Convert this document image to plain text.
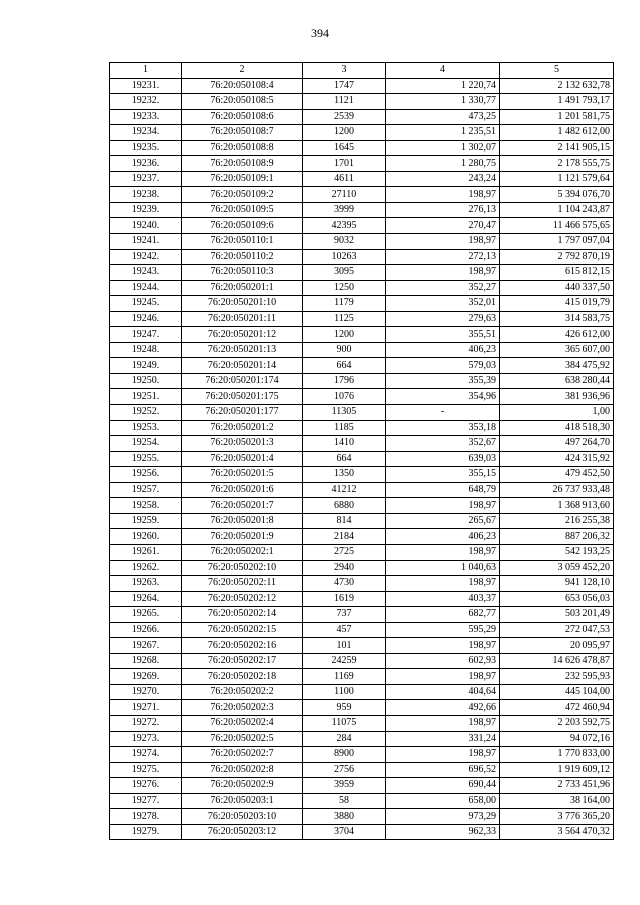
394
1	2	3	4	5
19231.	76:20:050108:4	1747	1 220,74	2 132 632,78
19232.	76:20:050108:5	1121	1 330,77	1 491 793,17
19233.	76:20:050108:6	2539	473,25	1 201 581,75
19234.	76:20:050108:7	1200	1 235,51	1 482 612,00
19235.	76:20:050108:8	1645	1 302,07	2 141 905,15
19236.	76:20:050108:9	1701	1 280,75	2 178 555,75
19237.	76:20:050109:1	4611	243,24	1 121 579,64
19238.	76:20:050109:2	27110	198,97	5 394 076,70
19239.	76:20:050109:5	3999	276,13	1 104 243,87
19240.	76:20:050109:6	42395	270,47	11 466 575,65
19241.	76:20:050110:1	9032	198,97	1 797 097,04
19242.	76:20:050110:2	10263	272,13	2 792 870,19
19243.	76:20:050110:3	3095	198,97	615 812,15
19244.	76:20:050201:1	1250	352,27	440 337,50
19245.	76:20:050201:10	1179	352,01	415 019,79
19246.	76:20:050201:11	1125	279,63	314 583,75
19247.	76:20:050201:12	1200	355,51	426 612,00
19248.	76:20:050201:13	900	406,23	365 607,00
19249.	76:20:050201:14	664	579,03	384 475,92
19250.	76:20:050201:174	1796	355,39	638 280,44
19251.	76:20:050201:175	1076	354,96	381 936,96
19252.	76:20:050201:177	11305	-	1,00
19253.	76:20:050201:2	1185	353,18	418 518,30
19254.	76:20:050201:3	1410	352,67	497 264,70
19255.	76:20:050201:4	664	639,03	424 315,92
19256.	76:20:050201:5	1350	355,15	479 452,50
19257.	76:20:050201:6	41212	648,79	26 737 933,48
19258.	76:20:050201:7	6880	198,97	1 368 913,60
19259.	76:20:050201:8	814	265,67	216 255,38
19260.	76:20:050201:9	2184	406,23	887 206,32
19261.	76:20:050202:1	2725	198,97	542 193,25
19262.	76:20:050202:10	2940	1 040,63	3 059 452,20
19263.	76:20:050202:11	4730	198,97	941 128,10
19264.	76:20:050202:12	1619	403,37	653 056,03
19265.	76:20:050202:14	737	682,77	503 201,49
19266.	76:20:050202:15	457	595,29	272 047,53
19267.	76:20:050202:16	101	198,97	20 095,97
19268.	76:20:050202:17	24259	602,93	14 626 478,87
19269.	76:20:050202:18	1169	198,97	232 595,93
19270.	76:20:050202:2	1100	404,64	445 104,00
19271.	76:20:050202:3	959	492,66	472 460,94
19272.	76:20:050202:4	11075	198,97	2 203 592,75
19273.	76:20:050202:5	284	331,24	94 072,16
19274.	76:20:050202:7	8900	198,97	1 770 833,00
19275.	76:20:050202:8	2756	696,52	1 919 609,12
19276.	76:20:050202:9	3959	690,44	2 733 451,96
19277.	76:20:050203:1	58	658,00	38 164,00
19278.	76:20:050203:10	3880	973,29	3 776 365,20
19279.	76:20:050203:12	3704	962,33	3 564 470,32
